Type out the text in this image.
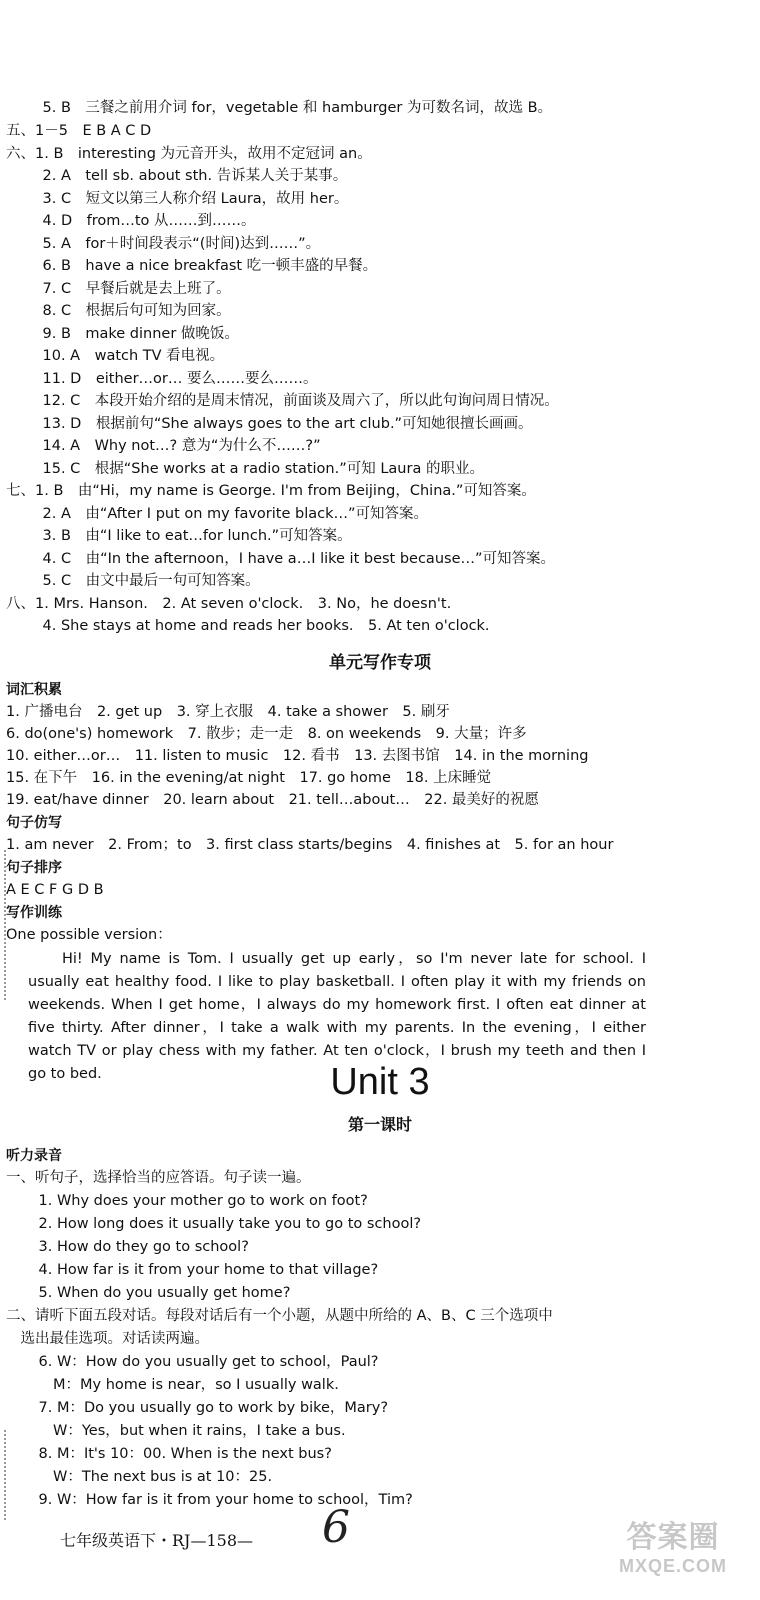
　5. B　三餐之前用介词 for，vegetable 和 hamburger 为可数名词，故选 B。
五、1－5　E B A C D
六、1. B　interesting 为元音开头，故用不定冠词 an。
　2. A　tell sb. about sth. 告诉某人关于某事。
　3. C　短文以第三人称介绍 Laura，故用 her。
　4. D　from…to 从……到……。
　5. A　for＋时间段表示“(时间)达到……”。
　6. B　have a nice breakfast 吃一顿丰盛的早餐。
　7. C　早餐后就是去上班了。
　8. C　根据后句可知为回家。
　9. B　make dinner 做晚饭。
　10. A　watch TV 看电视。
　11. D　either…or… 要么……要么……。
　12. C　本段开始介绍的是周末情况，前面谈及周六了，所以此句询问周日情况。
　13. D　根据前句“She always goes to the art club.”可知她很擅长画画。
　14. A　Why not…? 意为“为什么不……?”
　15. C　根据“She works at a radio station.”可知 Laura 的职业。
七、1. B　由“Hi，my name is George. I'm from Beijing，China.”可知答案。
　2. A　由“After I put on my favorite black…”可知答案。
　3. B　由“I like to eat…for lunch.”可知答案。
　4. C　由“In the afternoon，I have a…I like it best because…”可知答案。
　5. C　由文中最后一句可知答案。
八、1. Mrs. Hanson.　2. At seven o'clock.　3. No，he doesn't.
　4. She stays at home and reads her books.　5. At ten o'clock.
单元写作专项
词汇积累
1. 广播电台　2. get up　3. 穿上衣服　4. take a shower　5. 刷牙
6. do(one's) homework　7. 散步；走一走　8. on weekends　9. 大量；许多
10. either…or…　11. listen to music　12. 看书　13. 去图书馆　14. in the morning
15. 在下午　16. in the evening/at night　17. go home　18. 上床睡觉
19. eat/have dinner　20. learn about　21. tell…about…　22. 最美好的祝愿
句子仿写
1. am never　2. From；to　3. first class starts/begins　4. finishes at　5. for an hour
句子排序
A E C F G D B
写作训练
One possible version：
Hi! My name is Tom. I usually get up early，so I'm never late for school. I usually eat healthy food. I like to play basketball. I often play it with my friends on weekends. When I get home，I always do my homework first. I often eat dinner at five thirty. After dinner，I take a walk with my parents. In the evening，I either watch TV or play chess with my father. At ten o'clock，I brush my teeth and then I go to bed.	Unit 3
第一课时
听力录音
一、听句子，选择恰当的应答语。句子读一遍。
　1. Why does your mother go to work on foot?
　2. How long does it usually take you to go to school?
　3. How do they go to school?
　4. How far is it from your home to that village?
　5. When do you usually get home?
二、请听下面五段对话。每段对话后有一个小题，从题中所给的 A、B、C 三个选项中
　选出最佳选项。对话读两遍。
　6. W：How do you usually get to school，Paul?
　　M：My home is near，so I usually walk.
　7. M：Do you usually go to work by bike，Mary?
　　W：Yes，but when it rains，I take a bus.
　8. M：It's 10：00. When is the next bus?
　　W：The next bus is at 10：25.
　9. W：How far is it from your home to school，Tim?
七年级英语下・RJ—158— 6	答案圈
MXQE.COM
